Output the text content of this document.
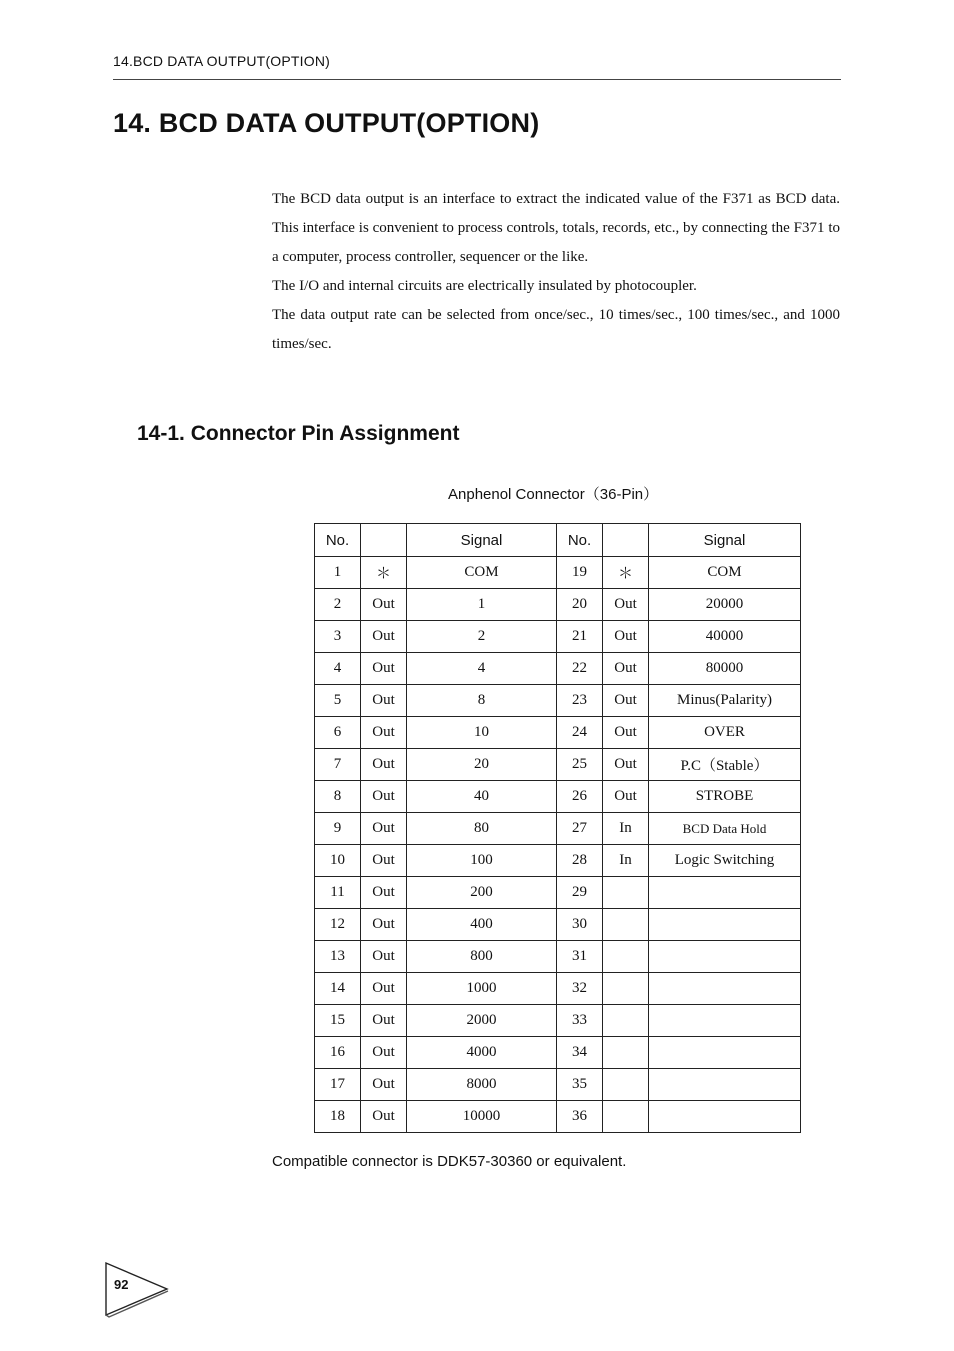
14.BCD DATA OUTPUT(OPTION)
14. BCD DATA OUTPUT(OPTION)

The BCD data output is an interface to extract the indicated value of the F371 as BCD data. This interface is convenient to process controls, totals, records, etc., by connecting the F371 to a computer, process controller, sequencer or the like.

The I/O and internal circuits are electrically insulated by photocoupler.

The data output rate can be selected from once/sec., 10 times/sec., 100 times/sec., and 1000 times/sec.

14-1. Connector Pin Assignment
Anphenol Connector（36-Pin）
No.		Signal	No.		Signal
1	＊	COM	19	＊	COM
2	Out	1	20	Out	20000
3	Out	2	21	Out	40000
4	Out	4	22	Out	80000
5	Out	8	23	Out	Minus(Palarity)
6	Out	10	24	Out	OVER
7	Out	20	25	Out	P.C（Stable）
8	Out	40	26	Out	STROBE
9	Out	80	27	In	BCD Data Hold
10	Out	100	28	In	Logic Switching
11	Out	200	29		
12	Out	400	30		
13	Out	800	31		
14	Out	1000	32		
15	Out	2000	33		
16	Out	4000	34		
17	Out	8000	35		
18	Out	10000	36		
Compatible connector is DDK57-30360 or equivalent.
92
